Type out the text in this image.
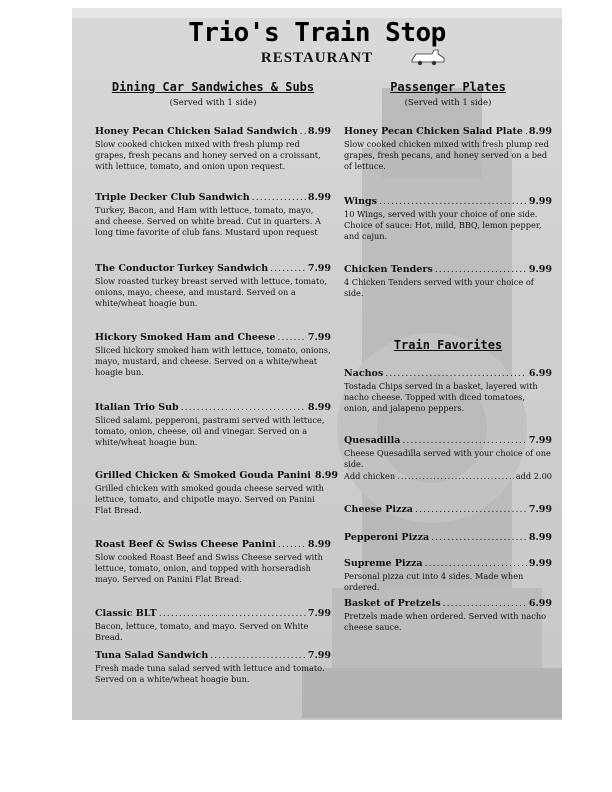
Trio's Train Stop
RESTAURANT
Dining Car Sandwiches & Subs

(Served with 1 side)

Honey Pecan Chicken Salad Sandwich ..... 8.99
Slow cooked chicken mixed with fresh plump red grapes, fresh pecans and honey served on a croissant, with lettuce, tomato, and onion upon request.
Triple Decker Club Sandwich .....	8.99
Turkey, Bacon, and Ham with lettuce, tomato, mayo, and cheese. Served on white bread. Cut in quarters. A long time favorite of club fans. Mustard upon request
The Conductor Turkey Sandwich .....	7.99
Slow roasted turkey breast served with lettuce, tomato, onions, mayo, cheese, and mustard. Served on a white/wheat hoagie bun.
Hickory Smoked Ham and Cheese .....	7.99
Sliced hickory smoked ham with lettuce, tomato, onions, mayo, mustard, and cheese. Served on a white/wheat hoagie bun.
Italian Trio Sub .....	8.99
Sliced salami, pepperoni, pastrami served with lettuce, tomato, onion, cheese, oil and vinegar. Served on a white/wheat hoagie bun.
Grilled Chicken & Smoked Gouda Panini 8.99
Grilled chicken with smoked gouda cheese served with lettuce, tomato, and chipotle mayo. Served on Panini Flat Bread.
Roast Beef & Swiss Cheese Panini .....	8.99
Slow cooked Roast Beef and Swiss Cheese served with lettuce, tomato, onion, and topped with horseradish mayo. Served on Panini Flat Bread.
Classic BLT .....	7.99
Bacon, lettuce, tomato, and mayo. Served on White Bread.
Tuna Salad Sandwich .....	7.99
Fresh made tuna salad served with lettuce and tomato. Served on a white/wheat hoagie bun.
Passenger Plates

(Served with 1 side)

Honey Pecan Chicken Salad Plate ..... 8.99
Slow cooked chicken mixed with fresh plump red grapes, fresh pecans, and honey served on a bed of lettuce.
Wings .....	9.99
10 Wings, served with your choice of one side. Choice of sauce: Hot, mild, BBQ, lemon pepper, and cajun.
Chicken Tenders .....	9.99
4 Chicken Tenders served with your choice of side.
Train Favorites
Nachos .....	6.99
Tostada Chips served in a basket, layered with nacho cheese. Topped with diced tomatoes, onion, and jalapeno peppers.
Quesadilla .....	7.99
Cheese Quesadilla served with your choice of one side.
Add chicken .....	add 2.00
Cheese Pizza .....	7.99
Pepperoni Pizza .....	8.99
Supreme Pizza .....	9.99
Personal pizza cut into 4 sides. Made when ordered.
Basket of Pretzels .....	6.99
Pretzels made when ordered. Served with nacho cheese sauce.
